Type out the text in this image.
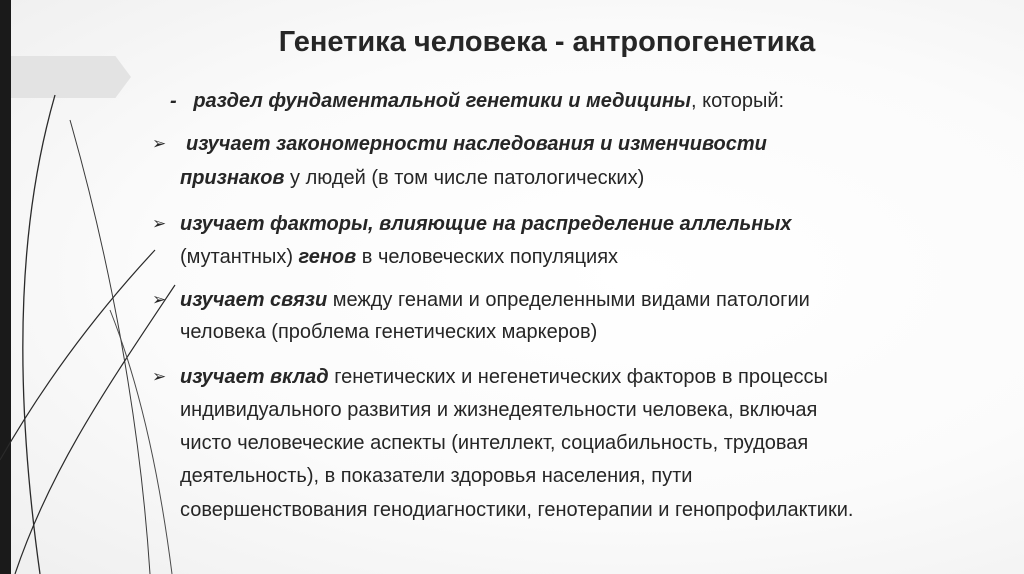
Генетика человека - антропогенетика
- раздел фундаментальной генетики и медицины, который:
➢ изучает закономерности наследования и изменчивости
признаков у людей (в том числе патологических)
➢ изучает факторы, влияющие на распределение аллельных
(мутантных) генов в человеческих популяциях
➢ изучает связи между генами и определенными видами патологии
человека (проблема генетических маркеров)
➢ изучает вклад генетических и негенетических факторов в процессы
индивидуального развития и жизнедеятельности человека, включая
чисто человеческие аспекты (интеллект, социабильность, трудовая
деятельность), в показатели здоровья населения, пути
совершенствования генодиагностики, генотерапии и генопрофилактики.
